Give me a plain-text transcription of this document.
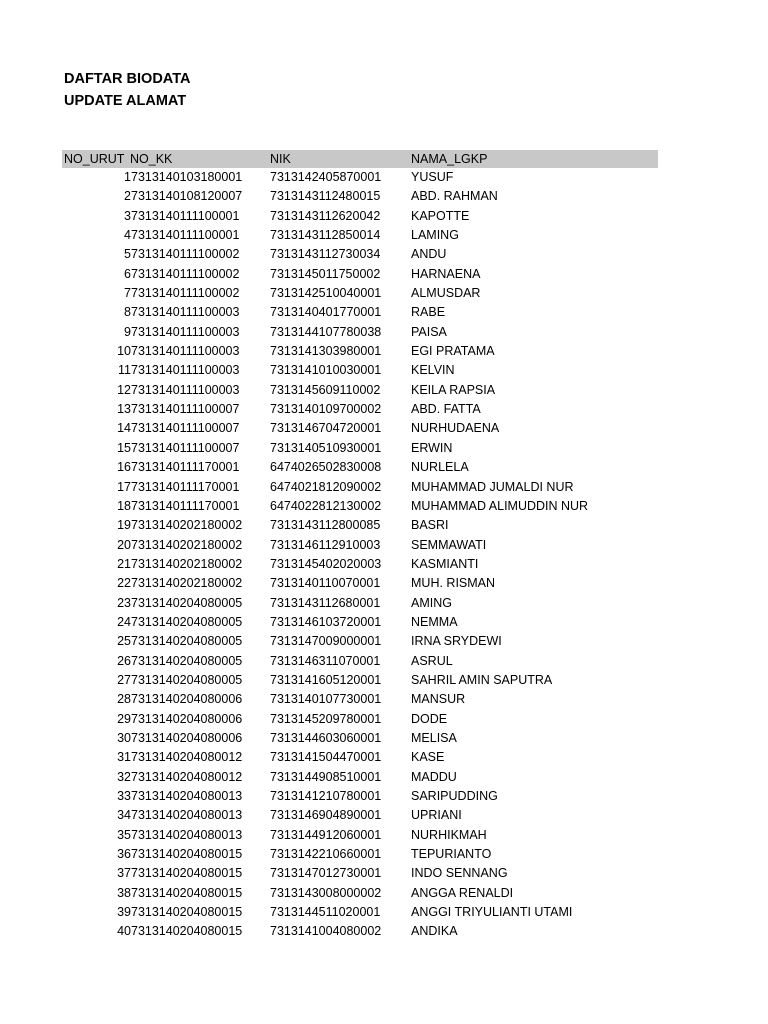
DAFTAR BIODATA
UPDATE ALAMAT
NO_URUT NO_KK	NIK	NAMA_LGKP
1 7313140103180001 7313142405870001 YUSUF
2 7313140108120007 7313143112480015 ABD. RAHMAN
3 7313140111100001 7313143112620042 KAPOTTE
4 7313140111100001 7313143112850014 LAMING
5 7313140111100002 7313143112730034 ANDU
6 7313140111100002 7313145011750002 HARNAENA
7 7313140111100002 7313142510040001 ALMUSDAR
8 7313140111100003 7313140401770001 RABE
9 7313140111100003 7313144107780038 PAISA
10 7313140111100003 7313141303980001 EGI PRATAMA
11 7313140111100003 7313141010030001 KELVIN
12 7313140111100003 7313145609110002 KEILA RAPSIA
13 7313140111100007 7313140109700002 ABD. FATTA
14 7313140111100007 7313146704720001 NURHUDAENA
15 7313140111100007 7313140510930001 ERWIN
16 7313140111170001 6474026502830008 NURLELA
17 7313140111170001 6474021812090002 MUHAMMAD JUMALDI NUR
18 7313140111170001 6474022812130002 MUHAMMAD ALIMUDDIN NUR
19 7313140202180002 7313143112800085 BASRI
20 7313140202180002 7313146112910003 SEMMAWATI
21 7313140202180002 7313145402020003 KASMIANTI
22 7313140202180002 7313140110070001 MUH. RISMAN
23 7313140204080005 7313143112680001 AMING
24 7313140204080005 7313146103720001 NEMMA
25 7313140204080005 7313147009000001 IRNA SRYDEWI
26 7313140204080005 7313146311070001 ASRUL
27 7313140204080005 7313141605120001 SAHRIL AMIN SAPUTRA
28 7313140204080006 7313140107730001 MANSUR
29 7313140204080006 7313145209780001 DODE
30 7313140204080006 7313144603060001 MELISA
31 7313140204080012 7313141504470001 KASE
32 7313140204080012 7313144908510001 MADDU
33 7313140204080013 7313141210780001 SARIPUDDING
34 7313140204080013 7313146904890001 UPRIANI
35 7313140204080013 7313144912060001 NURHIKMAH
36 7313140204080015 7313142210660001 TEPURIANTO
37 7313140204080015 7313147012730001 INDO SENNANG
38 7313140204080015 7313143008000002 ANGGA RENALDI
39 7313140204080015 7313144511020001 ANGGI TRIYULIANTI UTAMI
40 7313140204080015 7313141004080002 ANDIKA
